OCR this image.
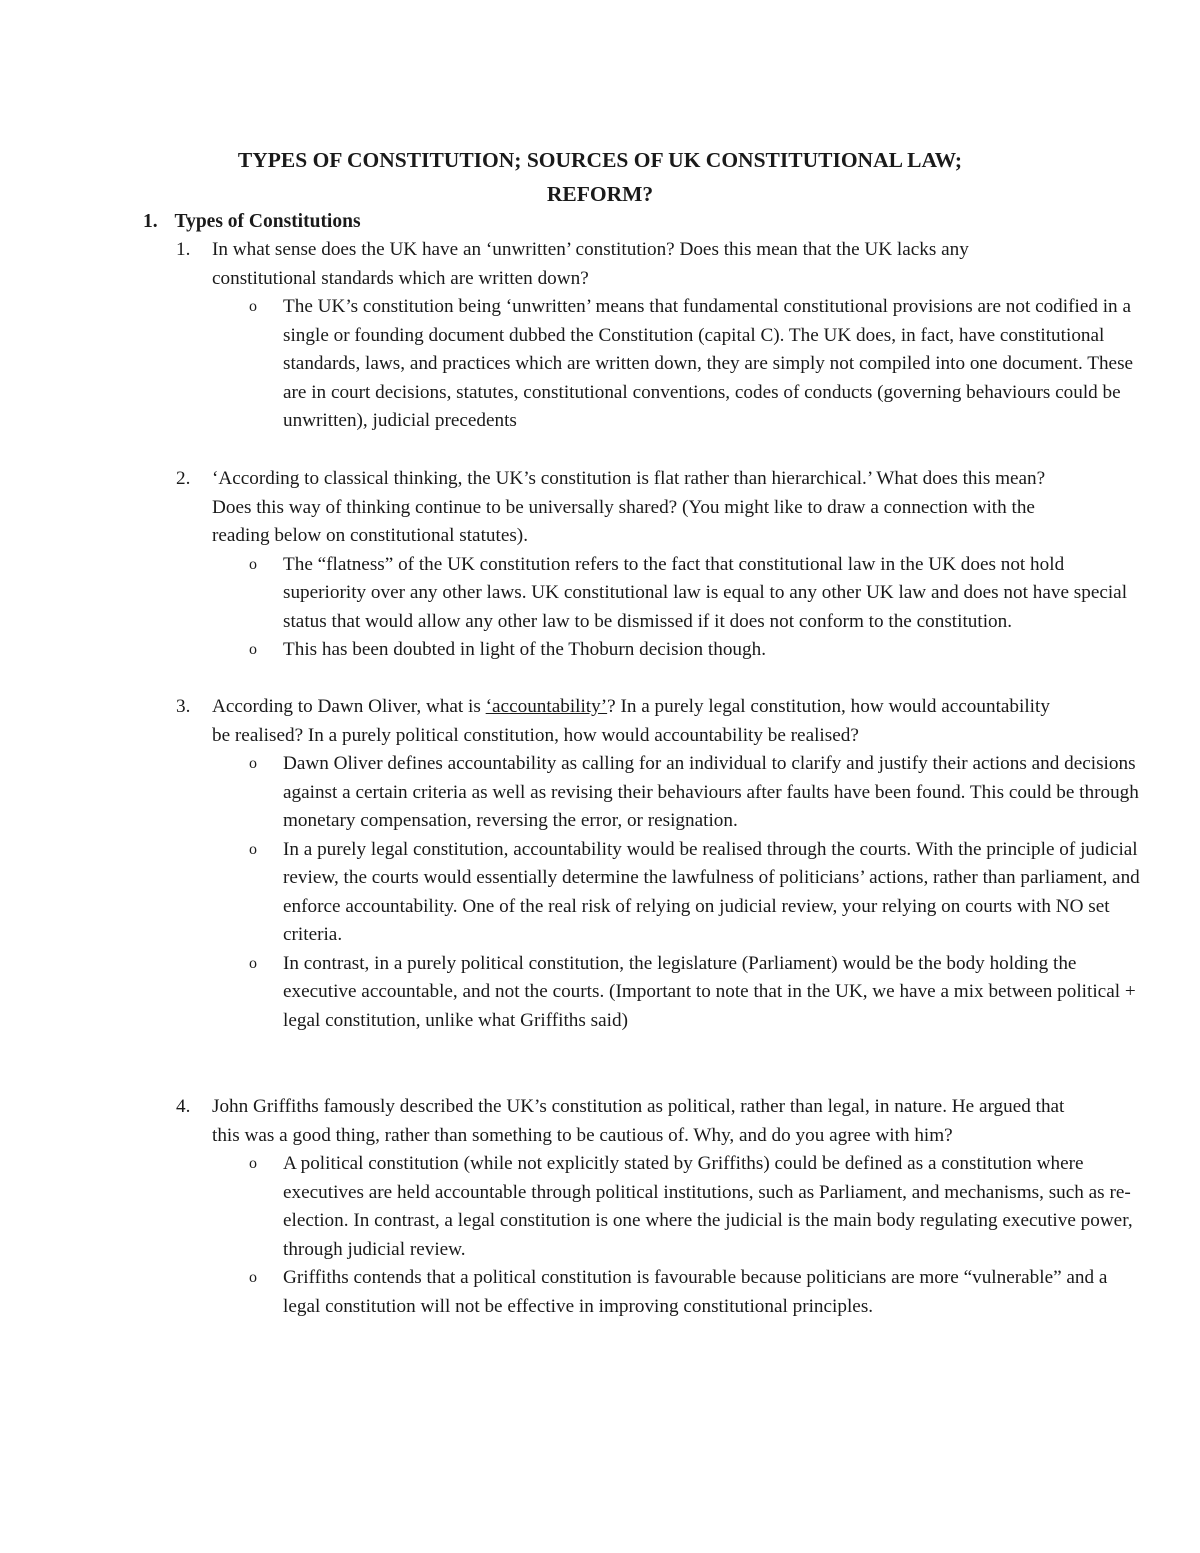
TYPES OF CONSTITUTION; SOURCES OF UK CONSTITUTIONAL LAW;
REFORM?
1. Types of Constitutions
1. In what sense does the UK have an ‘unwritten’ constitution? Does this mean that the UK lacks any constitutional standards which are written down?
o The UK’s constitution being ‘unwritten’ means that fundamental constitutional provisions are not codified in a single or founding document dubbed the Constitution (capital C). The UK does, in fact, have constitutional standards, laws, and practices which are written down, they are simply not compiled into one document. These are in court decisions, statutes, constitutional conventions, codes of conducts (governing behaviours could be unwritten), judicial precedents
2. ‘According to classical thinking, the UK’s constitution is flat rather than hierarchical.’ What does this mean? Does this way of thinking continue to be universally shared? (You might like to draw a connection with the reading below on constitutional statutes).
o The “flatness” of the UK constitution refers to the fact that constitutional law in the UK does not hold superiority over any other laws. UK constitutional law is equal to any other UK law and does not have special status that would allow any other law to be dismissed if it does not conform to the constitution.
o This has been doubted in light of the Thoburn decision though.
3. According to Dawn Oliver, what is ‘accountability’? In a purely legal constitution, how would accountability be realised? In a purely political constitution, how would accountability be realised?
o Dawn Oliver defines accountability as calling for an individual to clarify and justify their actions and decisions against a certain criteria as well as revising their behaviours after faults have been found. This could be through monetary compensation, reversing the error, or resignation.
o In a purely legal constitution, accountability would be realised through the courts. With the principle of judicial review, the courts would essentially determine the lawfulness of politicians’ actions, rather than parliament, and enforce accountability. One of the real risk of relying on judicial review, your relying on courts with NO set criteria.
o In contrast, in a purely political constitution, the legislature (Parliament) would be the body holding the executive accountable, and not the courts. (Important to note that in the UK, we have a mix between political + legal constitution, unlike what Griffiths said)
4. John Griffiths famously described the UK’s constitution as political, rather than legal, in nature. He argued that this was a good thing, rather than something to be cautious of. Why, and do you agree with him?
o A political constitution (while not explicitly stated by Griffiths) could be defined as a constitution where executives are held accountable through political institutions, such as Parliament, and mechanisms, such as re-election. In contrast, a legal constitution is one where the judicial is the main body regulating executive power, through judicial review.
o Griffiths contends that a political constitution is favourable because politicians are more “vulnerable” and a legal constitution will not be effective in improving constitutional principles.
